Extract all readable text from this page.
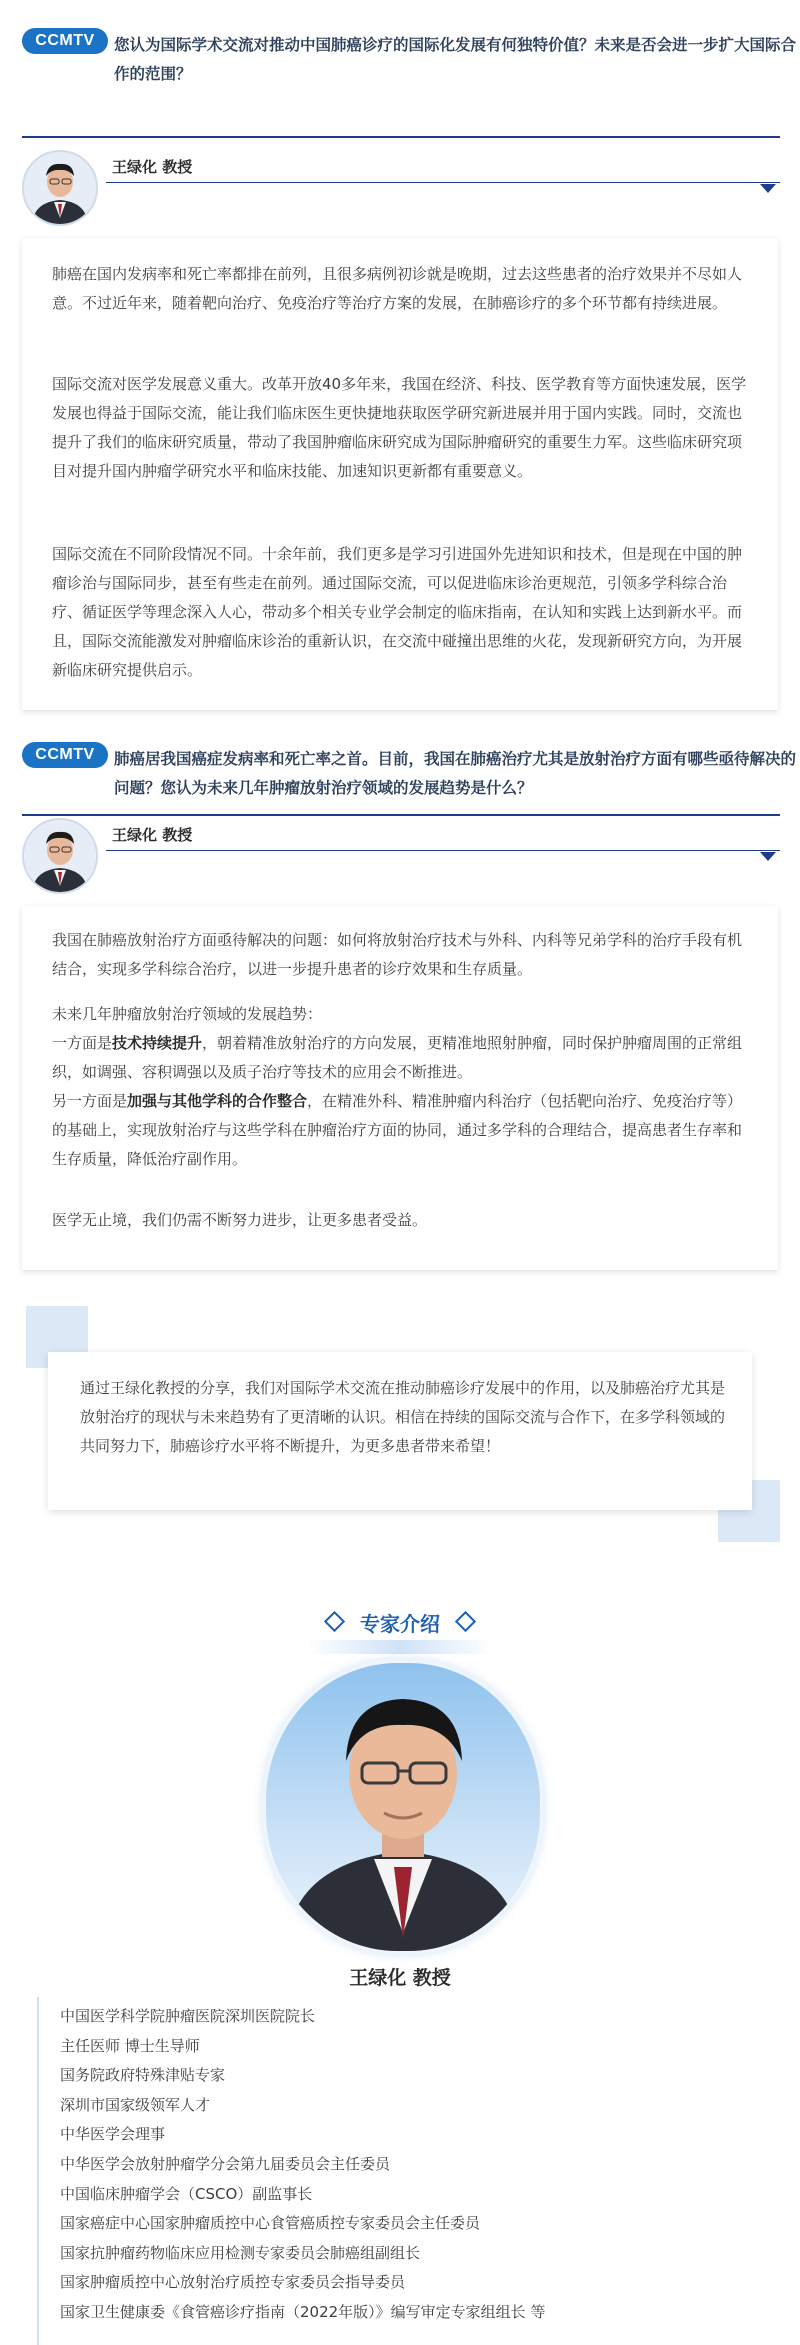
CCMTV	您认为国际学术交流对推动中国肺癌诊疗的国际化发展有何独特价值？未来是否会进一步扩大国际合作的范围？
王绿化 教授

肺癌在国内发病率和死亡率都排在前列，且很多病例初诊就是晚期，过去这些患者的治疗效果并不尽如人意。不过近年来，随着靶向治疗、免疫治疗等治疗方案的发展，在肺癌诊疗的多个环节都有持续进展。

国际交流对医学发展意义重大。改革开放40多年来，我国在经济、科技、医学教育等方面快速发展，医学发展也得益于国际交流，能让我们临床医生更快捷地获取医学研究新进展并用于国内实践。同时，交流也提升了我们的临床研究质量，带动了我国肿瘤临床研究成为国际肿瘤研究的重要生力军。这些临床研究项目对提升国内肿瘤学研究水平和临床技能、加速知识更新都有重要意义。

国际交流在不同阶段情况不同。十余年前，我们更多是学习引进国外先进知识和技术，但是现在中国的肿瘤诊治与国际同步，甚至有些走在前列。通过国际交流，可以促进临床诊治更规范，引领多学科综合治疗、循证医学等理念深入人心，带动多个相关专业学会制定的临床指南，在认知和实践上达到新水平。而且，国际交流能激发对肿瘤临床诊治的重新认识，在交流中碰撞出思维的火花，发现新研究方向，为开展新临床研究提供启示。

CCMTV	肺癌居我国癌症发病率和死亡率之首。目前，我国在肺癌治疗尤其是放射治疗方面有哪些亟待解决的问题？您认为未来几年肿瘤放射治疗领域的发展趋势是什么？
王绿化 教授

我国在肺癌放射治疗方面亟待解决的问题：如何将放射治疗技术与外科、内科等兄弟学科的治疗手段有机结合，实现多学科综合治疗，以进一步提升患者的诊疗效果和生存质量。

未来几年肿瘤放射治疗领域的发展趋势：

一方面是技术持续提升，朝着精准放射治疗的方向发展，更精准地照射肿瘤，同时保护肿瘤周围的正常组织，如调强、容积调强以及质子治疗等技术的应用会不断推进。

另一方面是加强与其他学科的合作整合，在精准外科、精准肿瘤内科治疗（包括靶向治疗、免疫治疗等）的基础上，实现放射治疗与这些学科在肿瘤治疗方面的协同，通过多学科的合理结合，提高患者生存率和生存质量，降低治疗副作用。

医学无止境，我们仍需不断努力进步，让更多患者受益。

通过王绿化教授的分享，我们对国际学术交流在推动肺癌诊疗发展中的作用，以及肺癌治疗尤其是放射治疗的现状与未来趋势有了更清晰的认识。相信在持续的国际交流与合作下，在多学科领域的共同努力下，肺癌诊疗水平将不断提升，为更多患者带来希望！

专家介绍
王绿化 教授
中国医学科学院肿瘤医院深圳医院院长
主任医师 博士生导师
国务院政府特殊津贴专家
深圳市国家级领军人才
中华医学会理事
中华医学会放射肿瘤学分会第九届委员会主任委员
中国临床肿瘤学会（CSCO）副监事长
国家癌症中心国家肿瘤质控中心食管癌质控专家委员会主任委员
国家抗肿瘤药物临床应用检测专家委员会肺癌组副组长
国家肿瘤质控中心放射治疗质控专家委员会指导委员
国家卫生健康委《食管癌诊疗指南（2022年版）》编写审定专家组组长 等
